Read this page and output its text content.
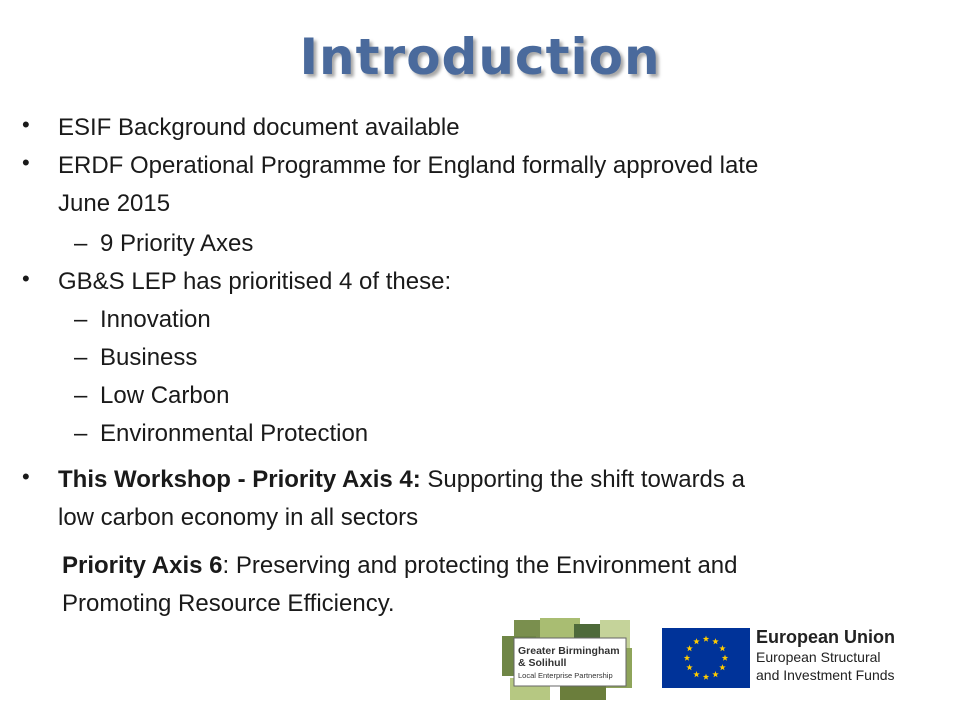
Introduction
• ESIF Background document available
• ERDF Operational Programme for England formally approved late
June 2015
– 9 Priority Axes
• GB&S LEP has prioritised 4 of these:
– Innovation
– Business
– Low Carbon
– Environmental Protection
• This Workshop - Priority Axis 4: Supporting the shift towards a
low carbon economy in all sectors
Priority Axis 6: Preserving and protecting the Environment and
Promoting Resource Efficiency.
Greater Birmingham
& Solihull
Local Enterprise Partnership
European Union
European Structural
and Investment Funds
